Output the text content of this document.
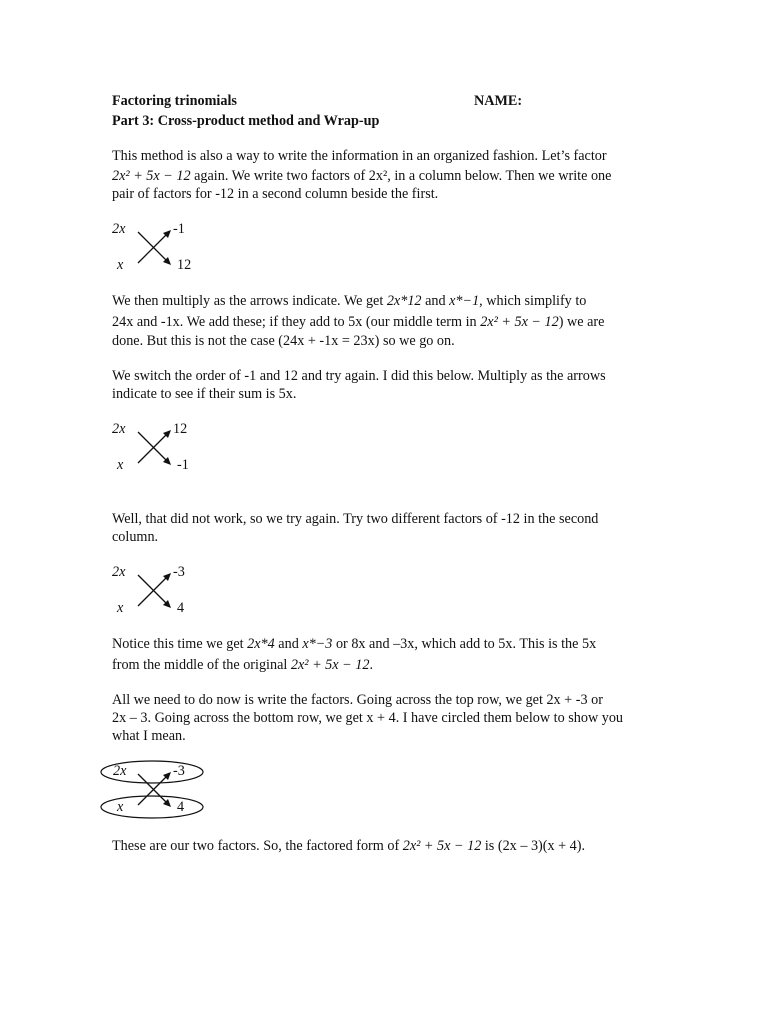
Factoring trinomials	NAME:
Part 3: Cross-product method and Wrap-up
This method is also a way to write the information in an organized fashion. Let’s factor
2x² + 5x − 12 again. We write two factors of 2x², in a column below. Then we write one
pair of factors for -12 in a second column beside the first.
2x
x
-1
12
We then multiply as the arrows indicate. We get 2x*12 and x*−1, which simplify to
24x and -1x. We add these; if they add to 5x (our middle term in 2x² + 5x − 12) we are
done. But this is not the case (24x + -1x = 23x) so we go on.
We switch the order of -1 and 12 and try again. I did this below. Multiply as the arrows
indicate to see if their sum is 5x.
2x
x
12
-1
Well, that did not work, so we try again. Try two different factors of -12 in the second
column.
2x
x
-3
4
Notice this time we get 2x*4 and x*−3 or 8x and –3x, which add to 5x. This is the 5x
from the middle of the original 2x² + 5x − 12.
All we need to do now is write the factors. Going across the top row, we get 2x + -3 or
2x – 3. Going across the bottom row, we get x + 4. I have circled them below to show you
what I mean.
2x
x
-3
4
These are our two factors. So, the factored form of 2x² + 5x − 12 is (2x – 3)(x + 4).
